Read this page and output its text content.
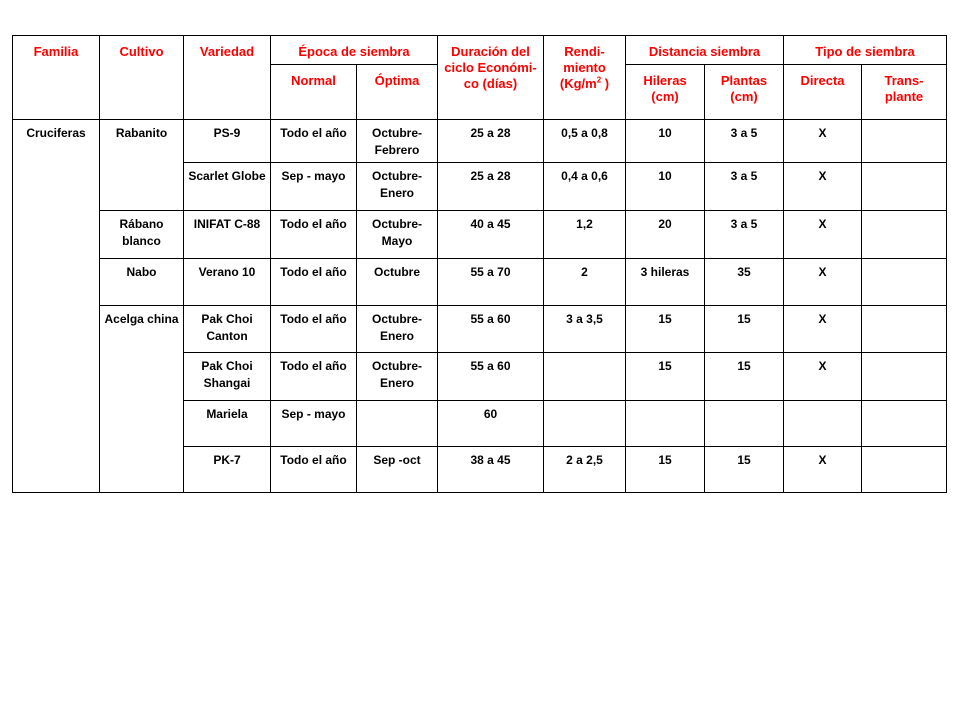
Familia	Cultivo	Variedad	Época de siembra		Duración del ciclo Económi- co (días)	Rendi- miento ($Kg/m^2$ )	Distancia siembra		Tipo de siembra	
			Normal	Óptima			Hileras (cm)	Plantas (cm)	Directa	Trans- plante
Cruciferas	Rabanito	PS-9	Todo el año	Octubre- Febrero	25 a 28	0,5 a 0,8	10	3 a 5	X	
		Scarlet Globe	Sep - mayo	Octubre- Enero	25 a 28	0,4 a 0,6	10	3 a 5	X	
	Rábano blanco	INIFAT C-88	Todo el año	Octubre- Mayo	40 a 45	1,2	20	3 a 5	X	
	Nabo	Verano 10	Todo el año	Octubre	55 a 70	2	3 hileras	35	X	
	Acelga china	Pak Choi Canton	Todo el año	Octubre- Enero	55 a 60	3 a 3,5	15	15	X	
		Pak Choi Shangai	Todo el año	Octubre- Enero	55 a 60		15	15	X	
		Mariela	Sep - mayo		60					
		PK-7	Todo el año	Sep -oct	38 a 45	2 a 2,5	15	15	X	
